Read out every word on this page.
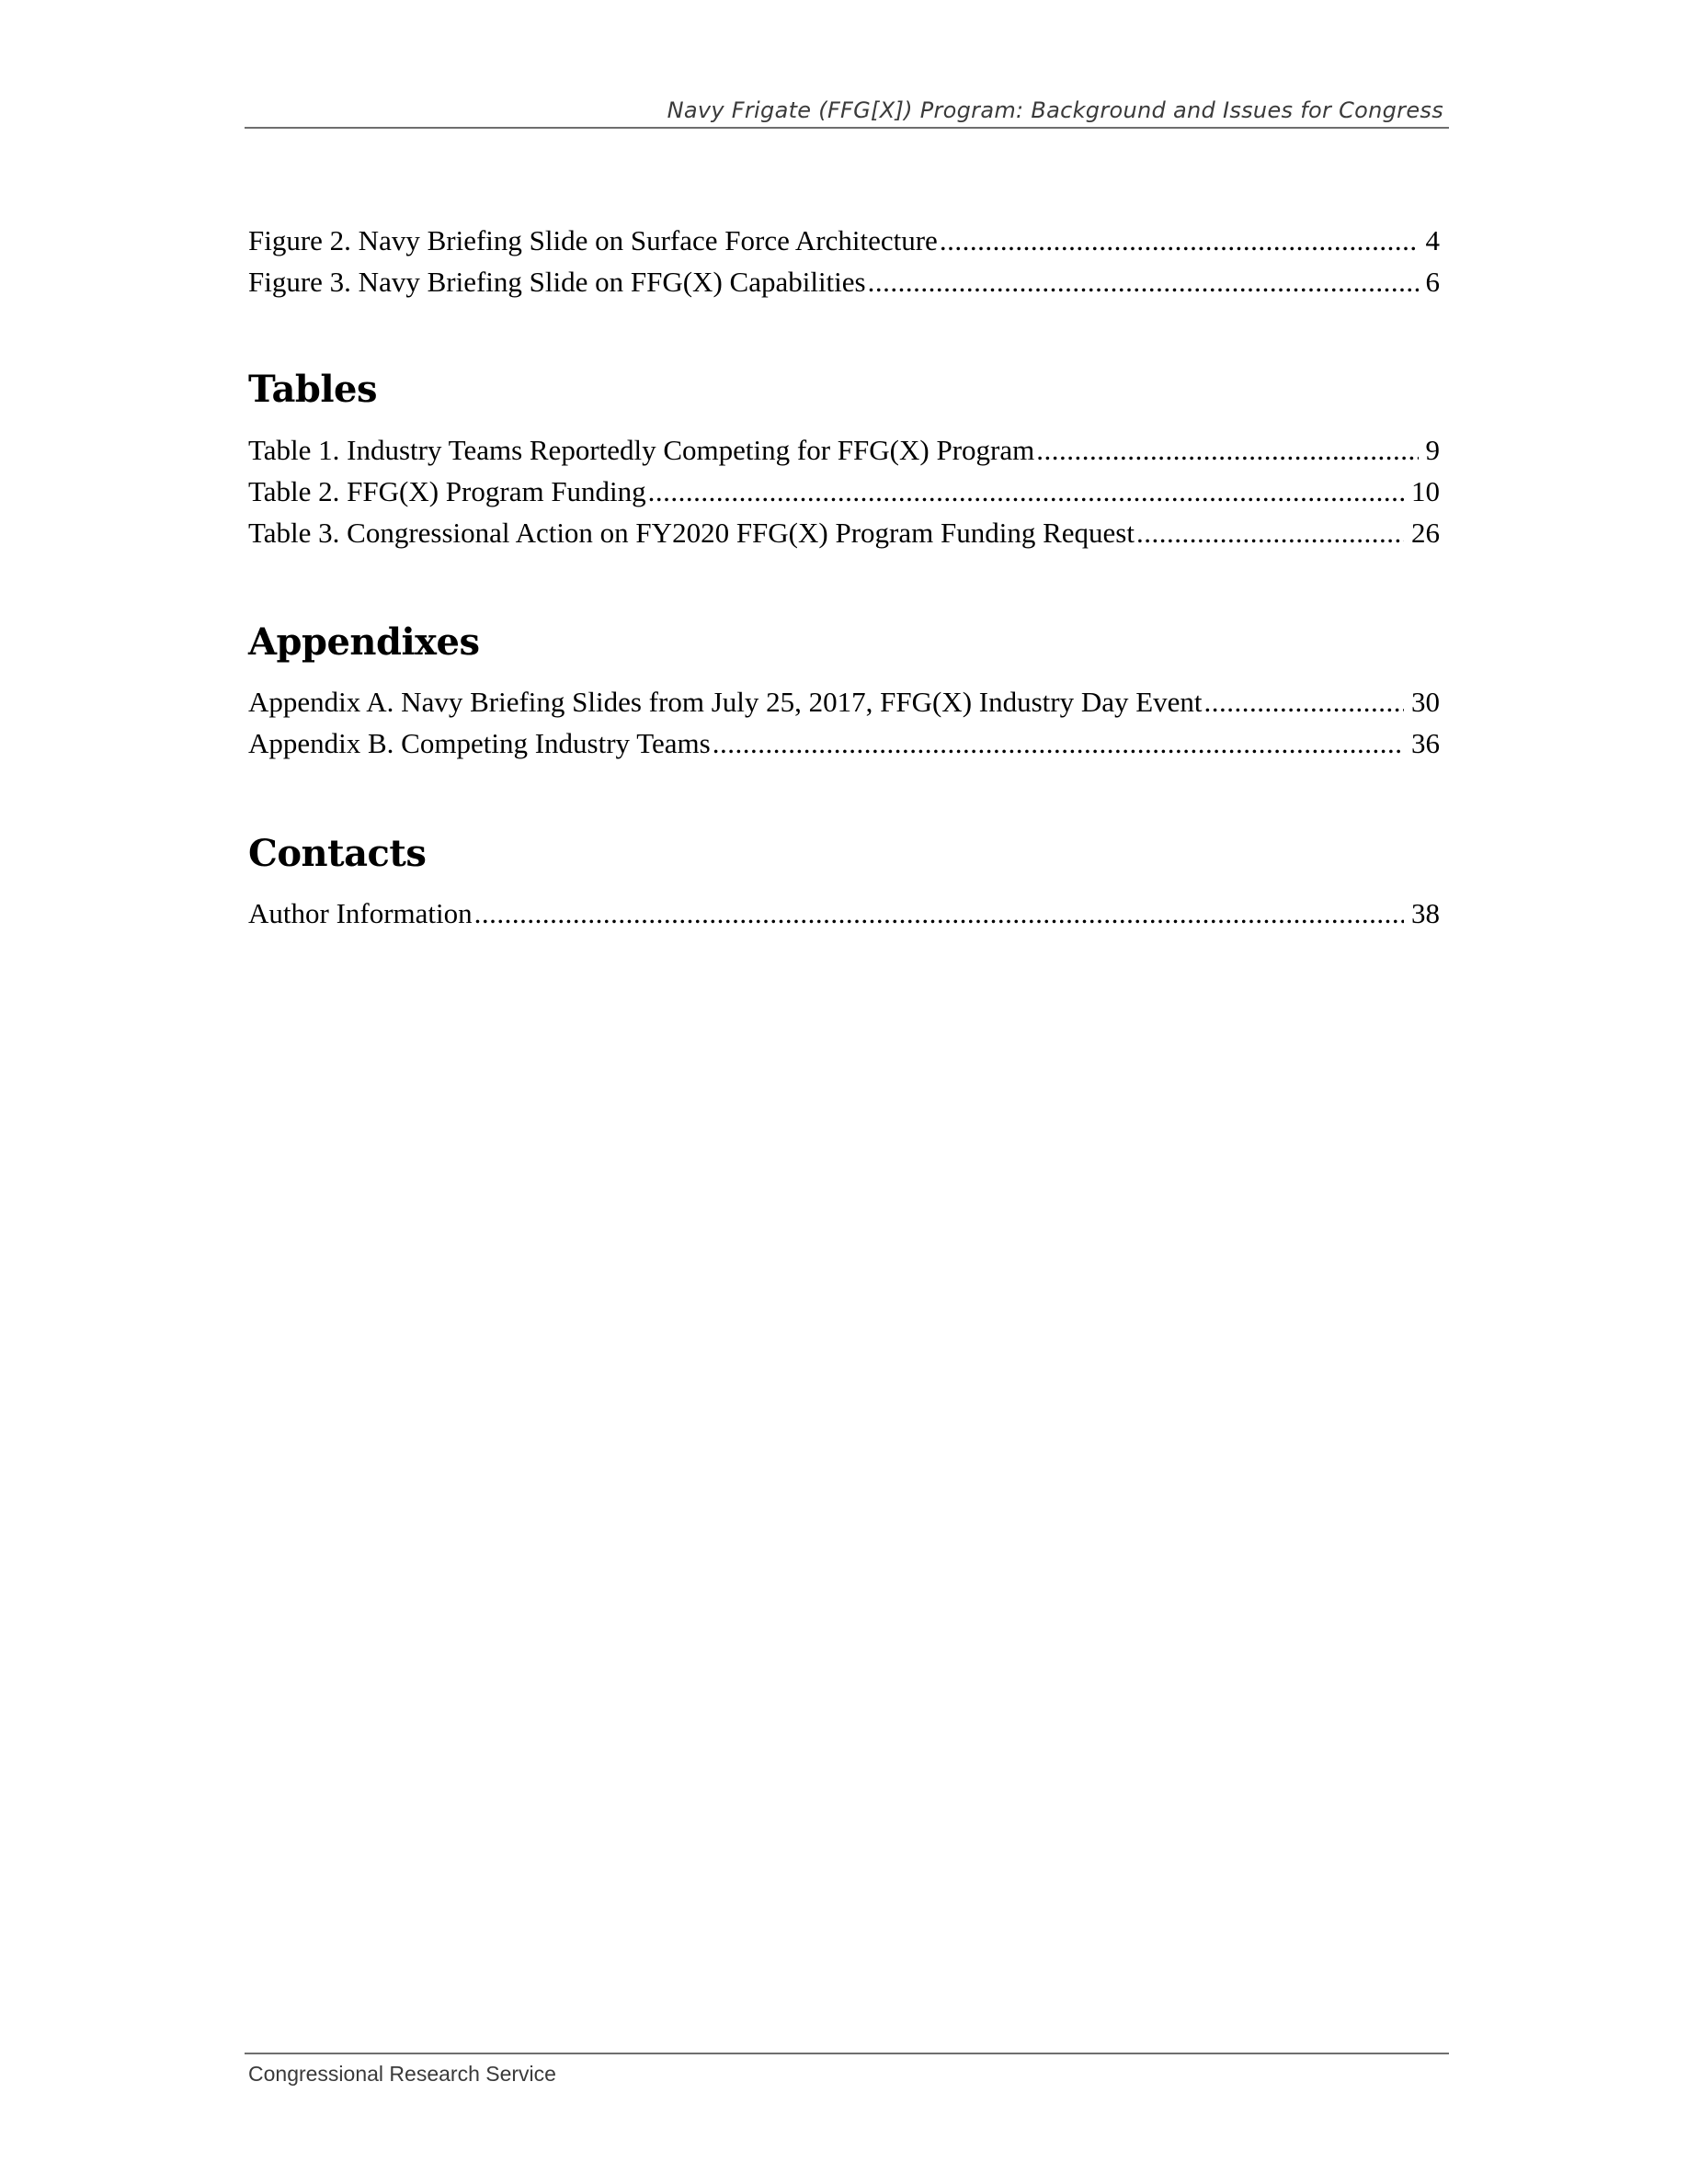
Navy Frigate (FFG[X]) Program: Background and Issues for Congress
Figure 2. Navy Briefing Slide on Surface Force Architecture .....	4
Figure 3. Navy Briefing Slide on FFG(X) Capabilities .....	6
Tables
Table 1. Industry Teams Reportedly Competing for FFG(X) Program .....	9
Table 2. FFG(X) Program Funding .....	10
Table 3. Congressional Action on FY2020 FFG(X) Program Funding Request .....	26
Appendixes
Appendix A. Navy Briefing Slides from July 25, 2017, FFG(X) Industry Day Event .....	30
Appendix B. Competing Industry Teams .....	36
Contacts
Author Information .....	38
Congressional Research Service
